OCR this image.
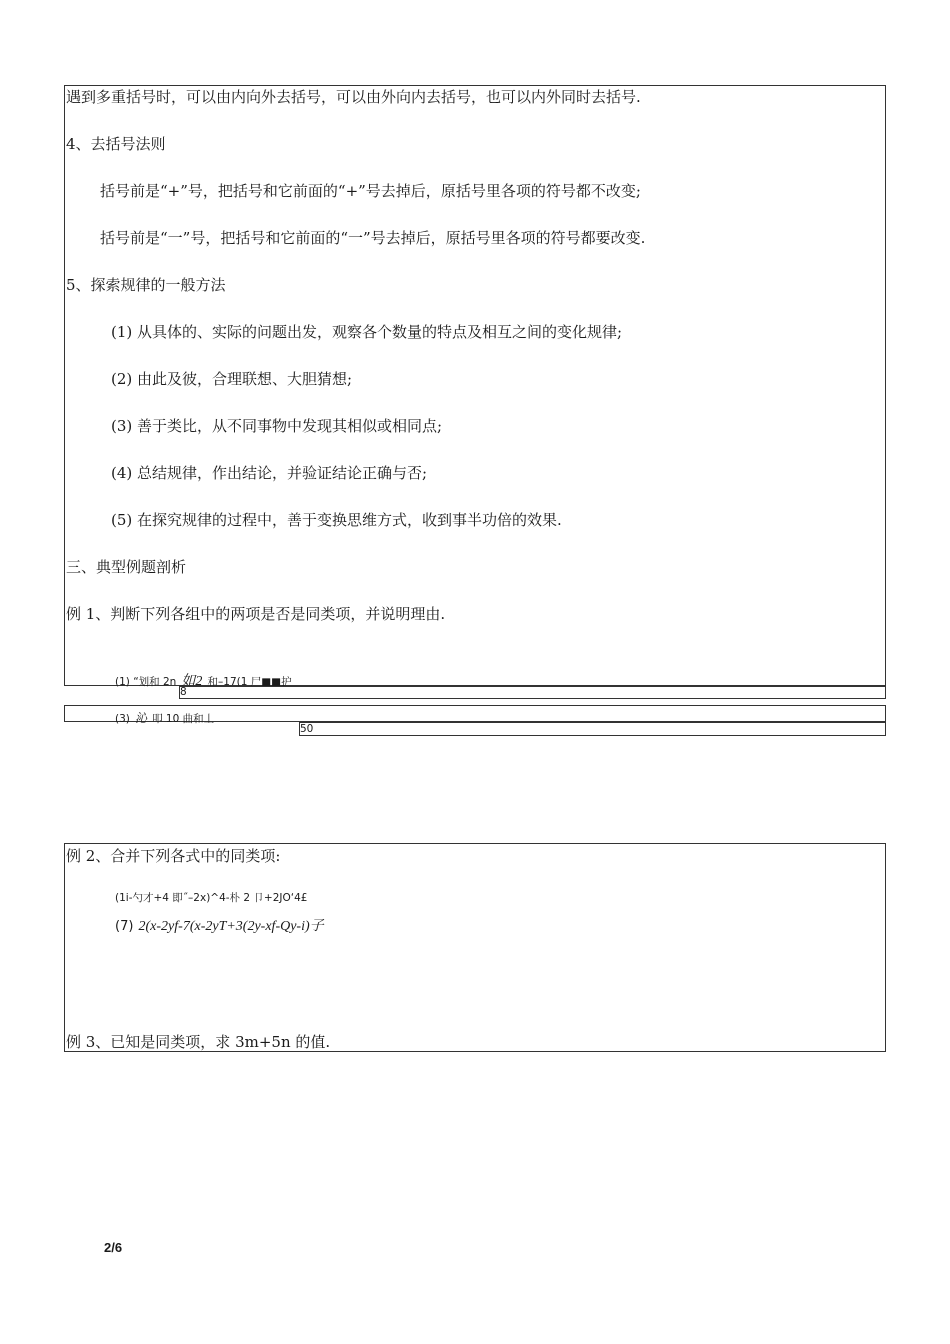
遇到多重括号时，可以由内向外去括号，可以由外向内去括号，也可以内外同时去括号.
4、去括号法则
括号前是“+”号，把括号和它前面的“+”号去掉后，原括号里各项的符号都不改变;
括号前是“一”号，把括号和它前面的“一”号去掉后，原括号里各项的符号都要改变.
5、探索规律的一般方法
(1) 从具体的、实际的问题出发，观察各个数量的特点及相互之间的变化规律;
(2) 由此及彼，合理联想、大胆猜想;
(3) 善于类比，从不同事物中发现其相似或相同点;
(4) 总结规律，作出结论，并验证结论正确与否;
(5) 在探究规律的过程中，善于变换思维方式，收到事半功倍的效果.
三、典型例题剖析
例 1、判断下列各组中的两项是否是同类项，并说明理由.
(1) “划和 2n 如2 和–17(1 尸■■护
8
(3) 沁 叩 10 曲和丄
50
例 2、合并下列各式中的同类项:
(1i-勺才+4 即˝–2x)^4-朴 2 卩+2JO‘4£
(7) 2(x-2yf-7(x-2yT+3(2y-xf-Qy-i)子
例 3、已知是同类项，求 3m+5n 的值.
2/6
